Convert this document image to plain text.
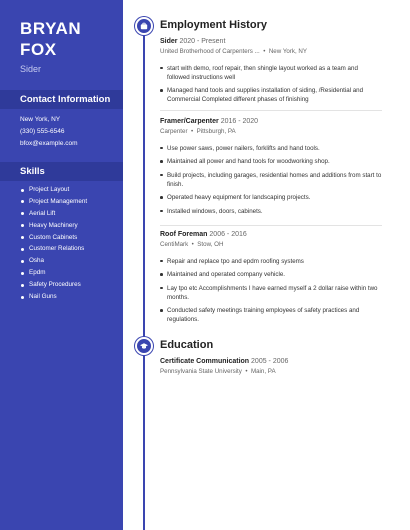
BRYAN
FOX
Sider
Contact Information
New York, NY
(330) 555-6546
bfox@example.com
Skills
Project Layout
Project Management
Aerial Lift
Heavy Machinery
Custom Cabinets
Customer Relations
Osha
Epdm
Safety Procedures
Nail Guns
Employment History
Sider 2020 - Present
United Brotherhood of Carpenters ...  •  New York, NY
start with demo, roof repair, then shingle layout worked as a team and followed instructions well
Managed hand tools and supplies installation of siding, /Residential and Commercial Completed different phases of finishing
Framer/Carpenter 2016 - 2020
Carpenter  •  Pittsburgh, PA
Use power saws, power nailers, forklifts and hand tools.
Maintained all power and hand tools for woodworking shop.
Build projects, including garages, residential homes and additions from start to finish.
Operated heavy equipment for landscaping projects.
Installed windows, doors, cabinets.
Roof Foreman 2006 - 2016
CentiMark  •  Stow, OH
Repair and replace tpo and epdm roofing systems
Maintained and operated company vehicle.
Lay tpo etc Accomplishments I have earned myself a 2 dollar raise within two months.
Conducted safety meetings training employees of safety practices and regulations.
Education
Certificate Communication 2005 - 2006
Pennsylvania State University  •  Main, PA
